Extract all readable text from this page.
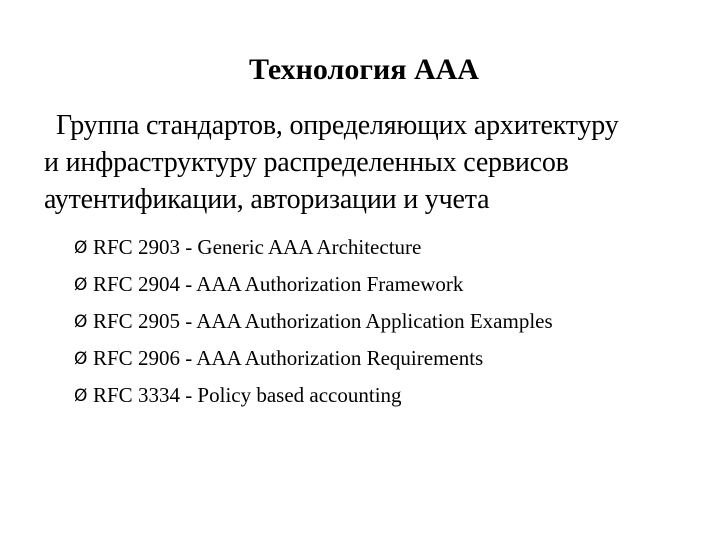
Технология AAA
Группа стандартов, определяющих архитектуру
и инфраструктуру распределенных сервисов
аутентификации, авторизации и учета
Ø RFC 2903 - Generic AAA Architecture
Ø RFC 2904 - AAA Authorization Framework
Ø RFC 2905 - AAA Authorization Application Examples
Ø RFC 2906 - AAA Authorization Requirements
Ø RFC 3334 - Policy based accounting
